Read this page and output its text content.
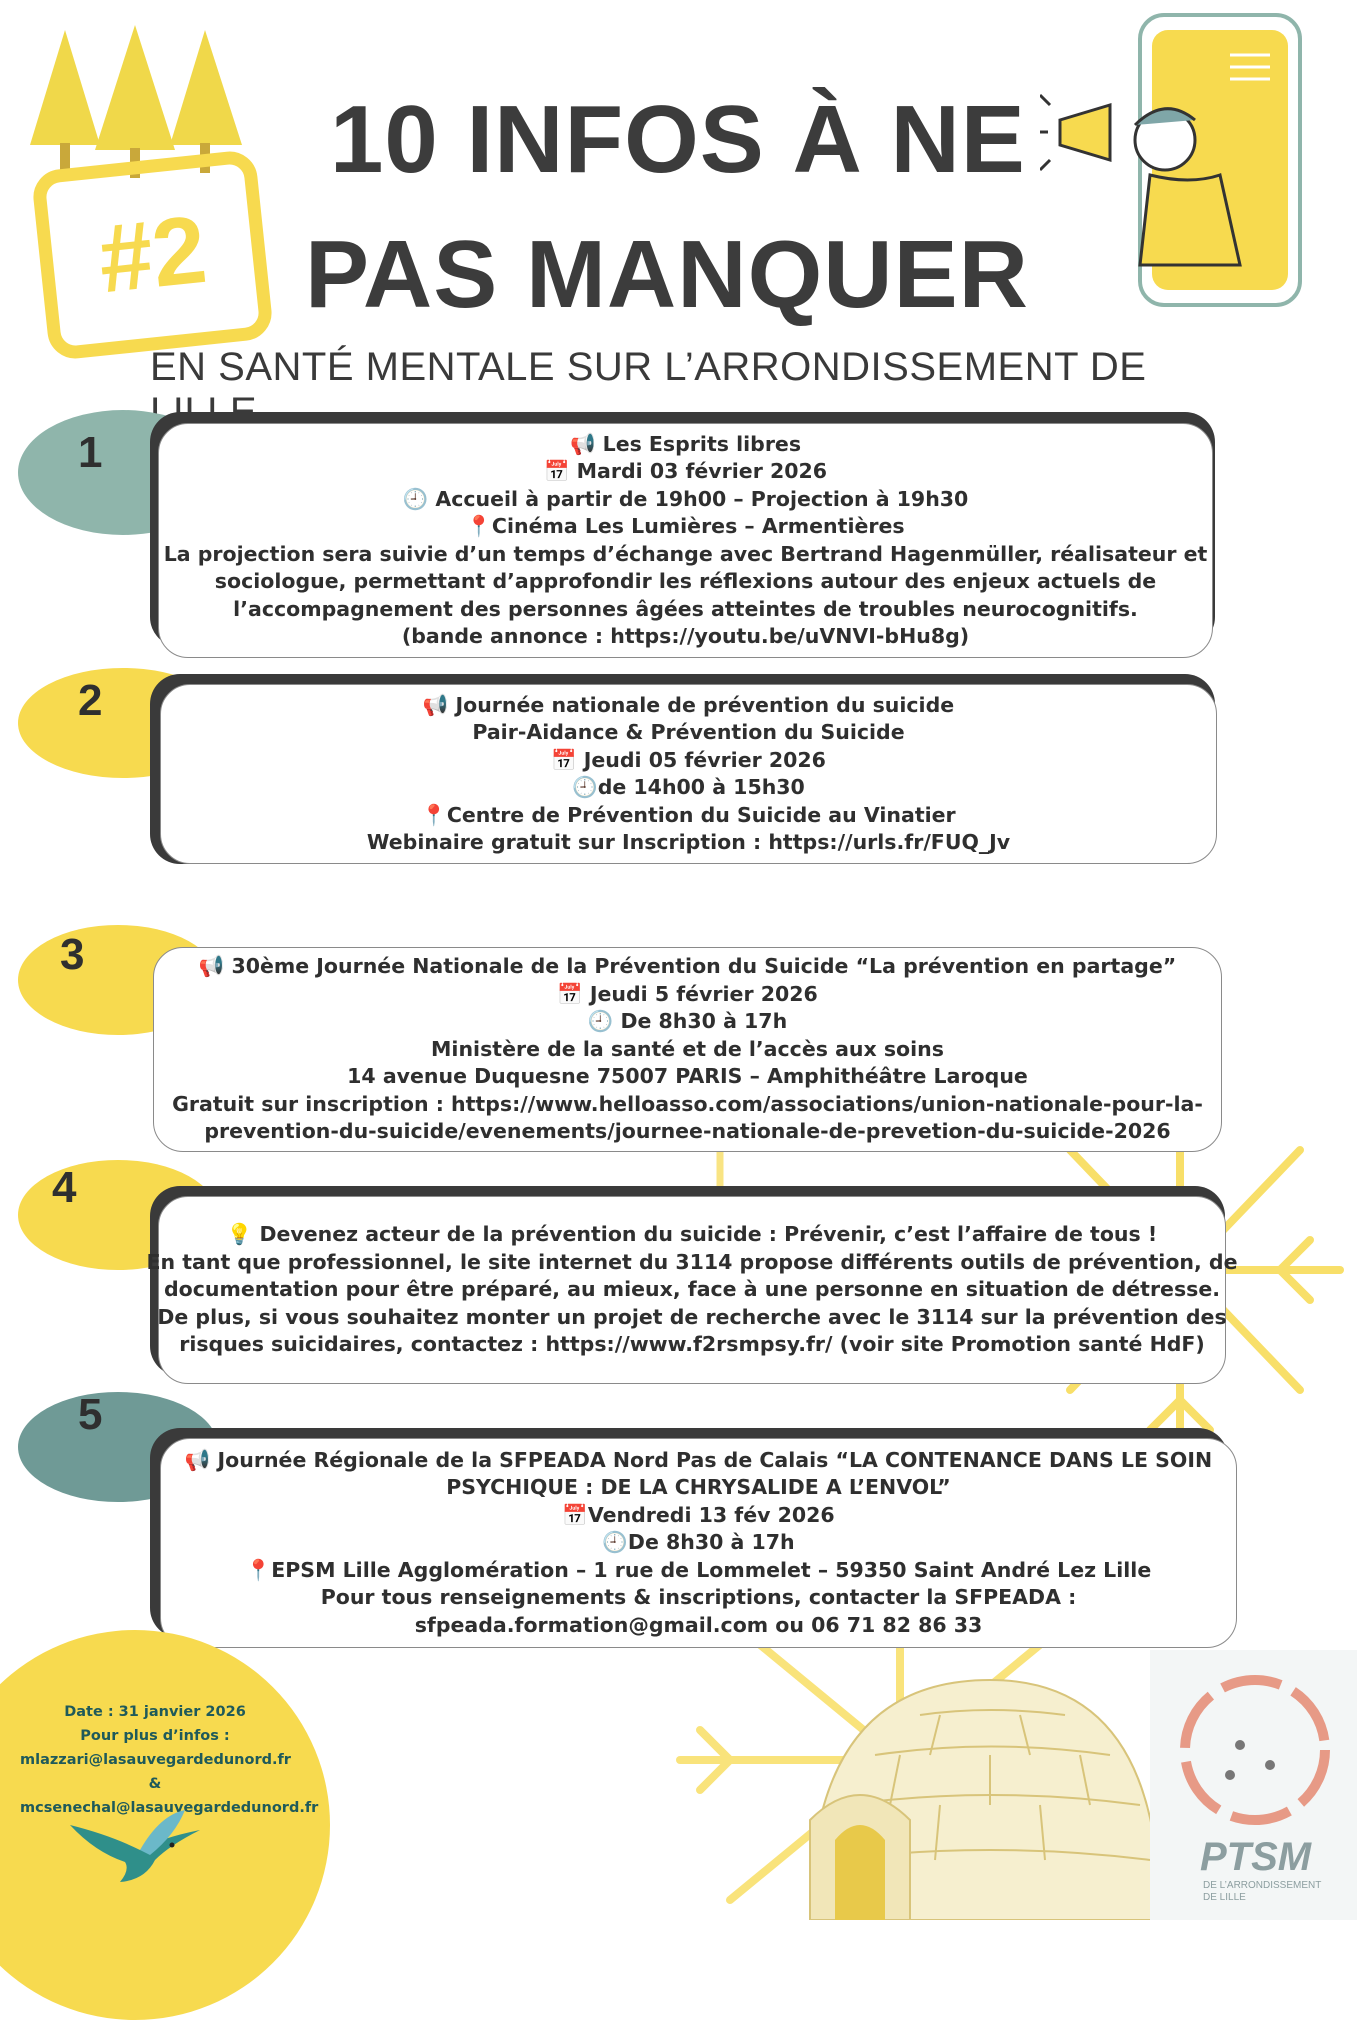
#2
10 INFOS À NE
PAS MANQUER
EN SANTÉ MENTALE SUR L’ARRONDISSEMENT DE
1	📢 Les Esprits libres
📅 Mardi 03 février 2026
🕘 Accueil à partir de 19h00 – Projection à 19h30
📍Cinéma Les Lumières – Armentières
La projection sera suivie d’un temps d’échange avec Bertrand Hagenmüller, réalisateur et
sociologue, permettant d’approfondir les réflexions autour des enjeux actuels de
l’accompagnement des personnes âgées atteintes de troubles neurocognitifs.
(bande annonce : https://youtu.be/uVNVI-bHu8g)
2	📢 Journée nationale de prévention du suicide
Pair-Aidance & Prévention du Suicide
📅 Jeudi 05 février 2026
🕘de 14h00 à 15h30
📍Centre de Prévention du Suicide au Vinatier
Webinaire gratuit sur Inscription : https://urls.fr/FUQ_Jv
3	📢 30ème Journée Nationale de la Prévention du Suicide “La prévention en partage”
📅 Jeudi 5 février 2026
🕘 De 8h30 à 17h
Ministère de la santé et de l’accès aux soins
14 avenue Duquesne 75007 PARIS – Amphithéâtre Laroque
Gratuit sur inscription : https://www.helloasso.com/associations/union-nationale-pour-la-
prevention-du-suicide/evenements/journee-nationale-de-prevetion-du-suicide-2026
4
💡 Devenez acteur de la prévention du suicide : Prévenir, c’est l’affaire de tous !
En tant que professionnel, le site internet du 3114 propose différents outils de prévention, de
documentation pour être préparé, au mieux, face à une personne en situation de détresse.
De plus, si vous souhaitez monter un projet de recherche avec le 3114 sur la prévention des
risques suicidaires, contactez : https://www.f2rsmpsy.fr/ (voir site Promotion santé HdF)
5
📢 Journée Régionale de la SFPEADA Nord Pas de Calais “LA CONTENANCE DANS LE SOIN
PSYCHIQUE : DE LA CHRYSALIDE A L’ENVOL”
📅Vendredi 13 fév 2026
🕘De 8h30 à 17h
📍EPSM Lille Agglomération – 1 rue de Lommelet – 59350 Saint André Lez Lille
Pour tous renseignements & inscriptions, contacter la SFPEADA :
sfpeada.formation@gmail.com ou 06 71 82 86 33
Date : 31 janvier 2026
Pour plus d’infos :
mlazzari@lasauvegardedunord.fr
&
mcsenechal@lasauvegardedunord.fr
PTSM
DE L’ARRONDISSEMENT
DE LILLE
